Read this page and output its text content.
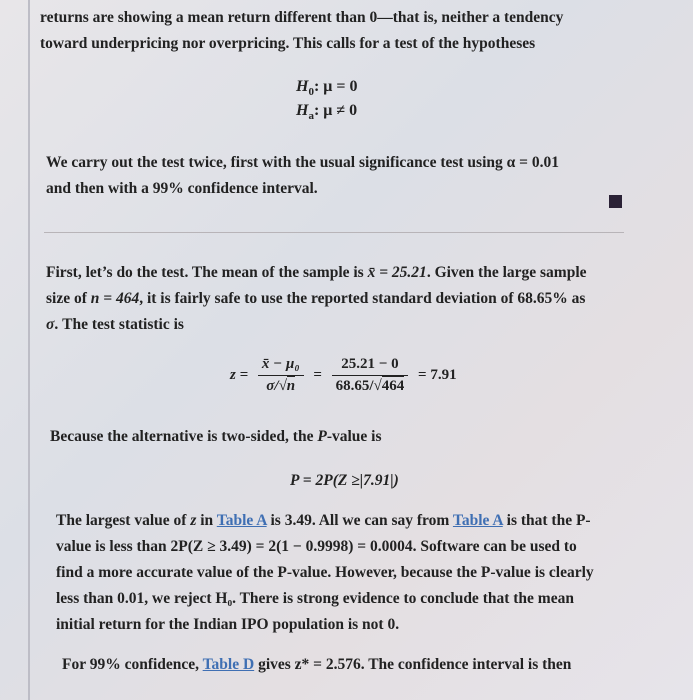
returns are showing a mean return different than 0—that is, neither a tendency
toward underpricing nor overpricing. This calls for a test of the hypotheses
$H_0$: μ = 0
$H_a$: μ ≠ 0
We carry out the test twice, first with the usual significance test using α = 0.01
and then with a 99% confidence interval.
First, let’s do the test. The mean of the sample is x̄ = 25.21. Given the large sample
size of n = 464, it is fairly safe to use the reported standard deviation of 68.65% as
σ. The test statistic is
$z = \frac{\text{x̄ − μ₀}}{\sigma/√n} = \frac{25.21 - 0}{68.65/√464} = 7.91$
Because the alternative is two-sided, the P-value is
P = 2P(Z ≥|7.91|)
The largest value of z in Table A is 3.49. All we can say from Table A is that the P-
value is less than 2P(Z ≥ 3.49) = 2(1 − 0.9998) = 0.0004. Software can be used to
find a more accurate value of the P-value. However, because the P-value is clearly
less than 0.01, we reject H₀. There is strong evidence to conclude that the mean
initial return for the Indian IPO population is not 0.
For 99% confidence, Table D gives z* = 2.576. The confidence interval is then
